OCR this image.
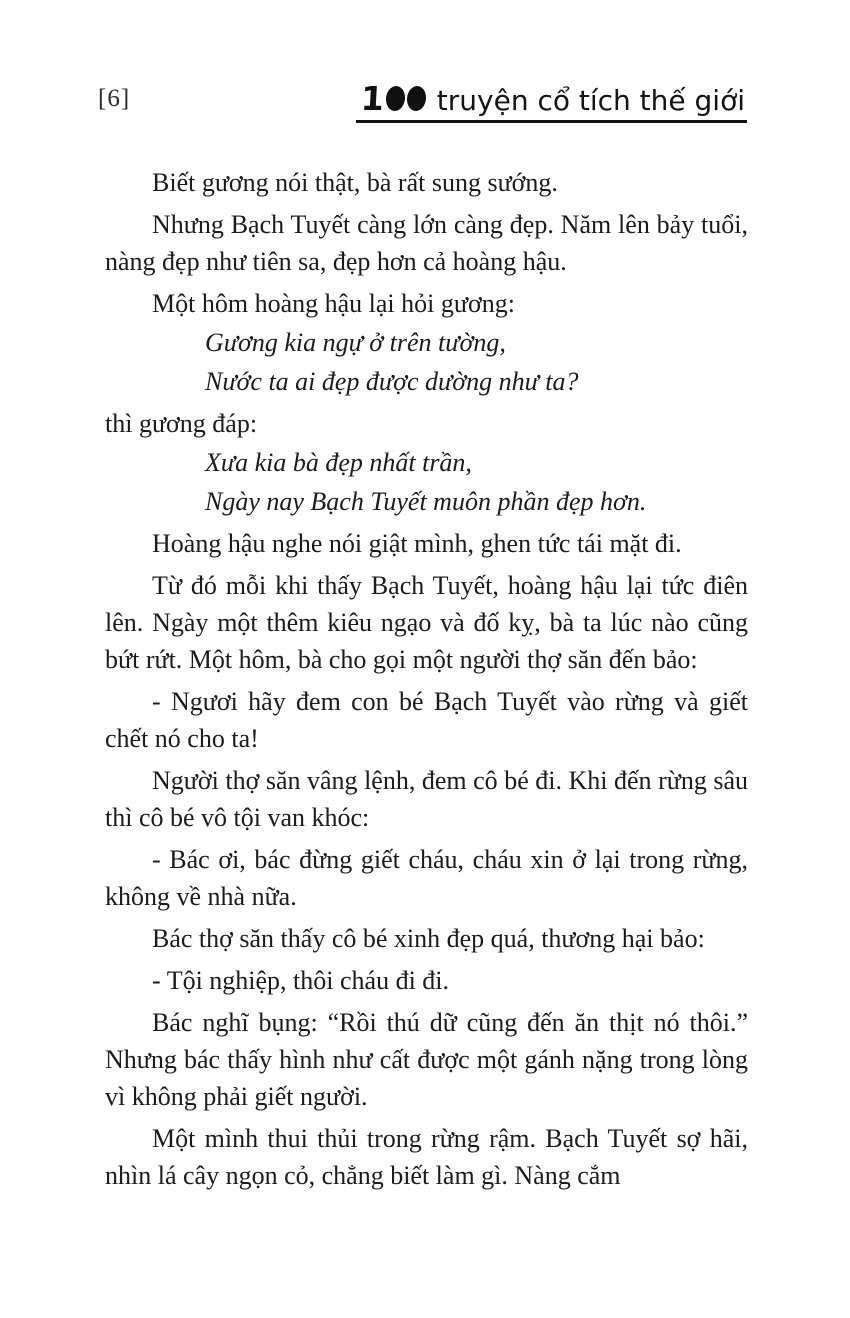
[6]	1	truyện cổ tích thế giới

Biết gương nói thật, bà rất sung sướng.

Nhưng Bạch Tuyết càng lớn càng đẹp. Năm lên bảy tuổi, nàng đẹp như tiên sa, đẹp hơn cả hoàng hậu.

Một hôm hoàng hậu lại hỏi gương:

Gương kia ngự ở trên tường,

Nước ta ai đẹp được dường như ta?

thì gương đáp:

Xưa kia bà đẹp nhất trần,

Ngày nay Bạch Tuyết muôn phần đẹp hơn.

Hoàng hậu nghe nói giật mình, ghen tức tái mặt đi.

Từ đó mỗi khi thấy Bạch Tuyết, hoàng hậu lại tức điên lên. Ngày một thêm kiêu ngạo và đố kỵ, bà ta lúc nào cũng bứt rứt. Một hôm, bà cho gọi một người thợ săn đến bảo:

- Ngươi hãy đem con bé Bạch Tuyết vào rừng và giết chết nó cho ta!

Người thợ săn vâng lệnh, đem cô bé đi. Khi đến rừng sâu thì cô bé vô tội van khóc:

- Bác ơi, bác đừng giết cháu, cháu xin ở lại trong rừng, không về nhà nữa.

Bác thợ săn thấy cô bé xinh đẹp quá, thương hại bảo:

- Tội nghiệp, thôi cháu đi đi.

Bác nghĩ bụng: “Rồi thú dữ cũng đến ăn thịt nó thôi.” Nhưng bác thấy hình như cất được một gánh nặng trong lòng vì không phải giết người.

Một mình thui thủi trong rừng rậm. Bạch Tuyết sợ hãi, nhìn lá cây ngọn cỏ, chẳng biết làm gì. Nàng cắm
